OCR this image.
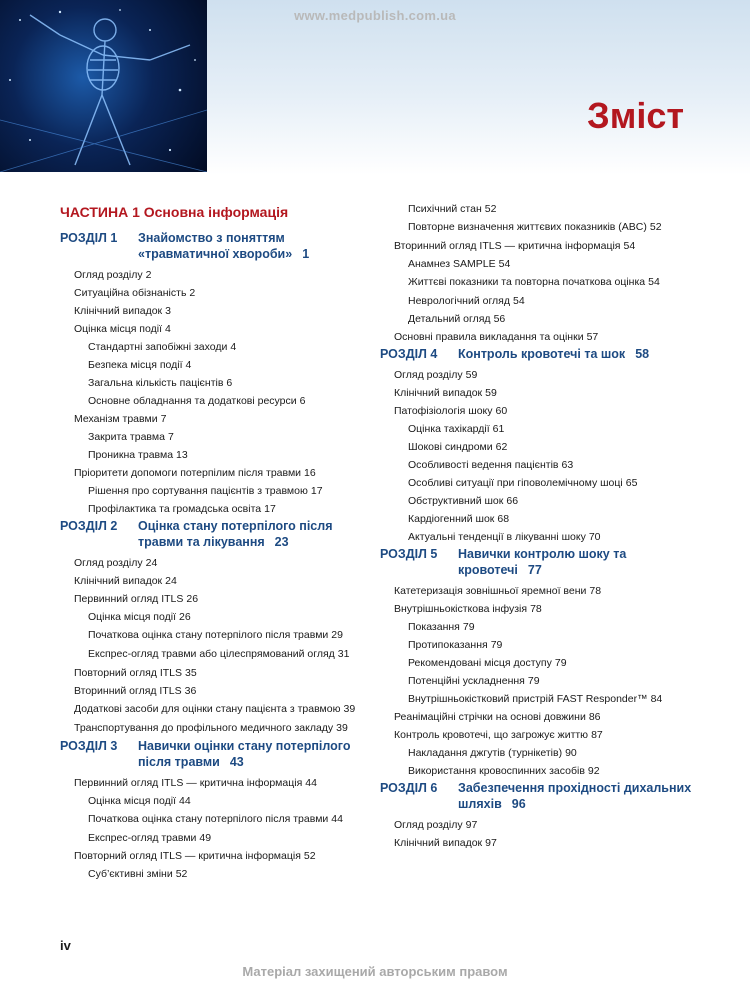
www.medpublish.com.ua
Зміст
ЧАСТИНА 1 Основна інформація
РОЗДІЛ 1	Знайомство з поняттям «травматичної хвороби» 1
Огляд розділу 2
Ситуаційна обізнаність 2
Клінічний випадок 3
Оцінка місця події 4
Стандартні запобіжні заходи 4
Безпека місця події 4
Загальна кількість пацієнтів 6
Основне обладнання та додаткові ресурси 6
Механізм травми 7
Закрита травма 7
Проникна травма 13
Пріоритети допомоги потерпілим після травми 16
Рішення про сортування пацієнтів з травмою 17
Профілактика та громадська освіта 17
РОЗДІЛ 2	Оцінка стану потерпілого після травми та лікування 23
Огляд розділу 24
Клінічний випадок 24
Первинний огляд ITLS 26
Оцінка місця події 26
Початкова оцінка стану потерпілого після травми 29
Експрес-огляд травми або цілеспрямований огляд 31
Повторний огляд ITLS 35
Вторинний огляд ITLS 36
Додаткові засоби для оцінки стану пацієнта з травмою 39
Транспортування до профільного медичного закладу 39
РОЗДІЛ 3	Навички оцінки стану потерпілого після травми 43
Первинний огляд ITLS — критична інформація 44
Оцінка місця події 44
Початкова оцінка стану потерпілого після травми 44
Експрес-огляд травми 49
Повторний огляд ITLS — критична інформація 52
Суб’єктивні зміни 52
Психічний стан 52
Повторне визначення життєвих показників (ABC) 52
Вторинний огляд ITLS — критична інформація 54
Анамнез SAMPLE 54
Життєві показники та повторна початкова оцінка 54
Неврологічний огляд 54
Детальний огляд 56
Основні правила викладання та оцінки 57
РОЗДІЛ 4	Контроль кровотечі та шок 58
Огляд розділу 59
Клінічний випадок 59
Патофізіологія шоку 60
Оцінка тахікардії 61
Шокові синдроми 62
Особливості ведення пацієнтів 63
Особливі ситуації при гіповолемічному шоці 65
Обструктивний шок 66
Кардіогенний шок 68
Актуальні тенденції в лікуванні шоку 70
РОЗДІЛ 5	Навички контролю шоку та кровотечі 77
Катетеризація зовнішньої яремної вени 78
Внутрішньокісткова інфузія 78
Показання 79
Протипоказання 79
Рекомендовані місця доступу 79
Потенційні ускладнення 79
Внутрішньокістковий пристрій FAST Responder™ 84
Реанімаційні стрічки на основі довжини 86
Контроль кровотечі, що загрожує життю 87
Накладання джгутів (турнікетів) 90
Використання кровоспинних засобів 92
РОЗДІЛ 6	Забезпечення прохідності дихальних шляхів 96
Огляд розділу 97
Клінічний випадок 97
iv
Матеріал захищений авторським правом
